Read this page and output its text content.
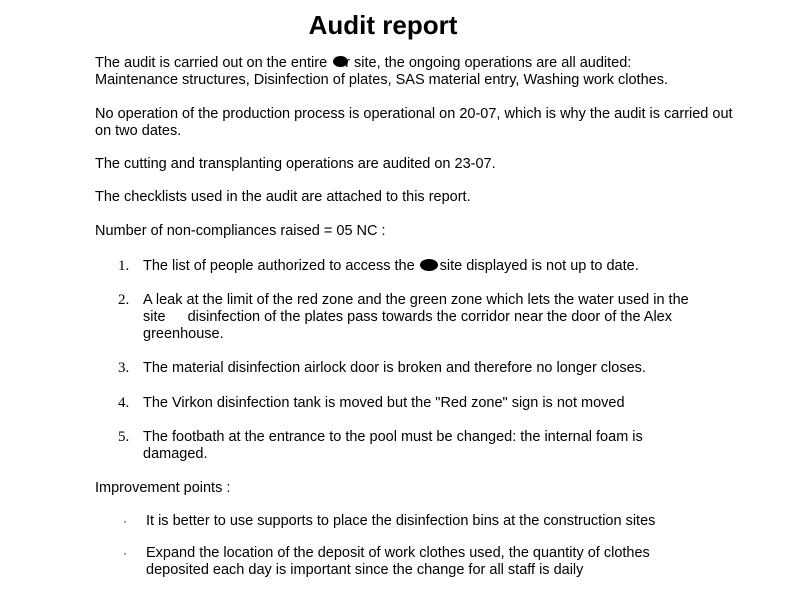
Audit report

The audit is carried out on the entire r site, the ongoing operations are all audited:
Maintenance structures, Disinfection of plates, SAS material entry, Washing work clothes.

No operation of the production process is operational on 20-07, which is why the audit is carried out on two dates.

The cutting and transplanting operations are audited on 23-07.

The checklists used in the audit are attached to this report.

Number of non-compliances raised = 05 NC :

1. The list of people authorized to access the site displayed is not up to date.

2. A leak at the limit of the red zone and the green zone which lets the water used in the
site disinfection of the plates pass towards the corridor near the door of the Alex
greenhouse.

3. The material disinfection airlock door is broken and therefore no longer closes.

4. The Virkon disinfection tank is moved but the "Red zone" sign is not moved

5. The footbath at the entrance to the pool must be changed: the internal foam is
damaged.

Improvement points :

·	It is better to use supports to place the disinfection bins at the construction sites

·	Expand the location of the deposit of work clothes used, the quantity of clothes
deposited each day is important since the change for all staff is daily
